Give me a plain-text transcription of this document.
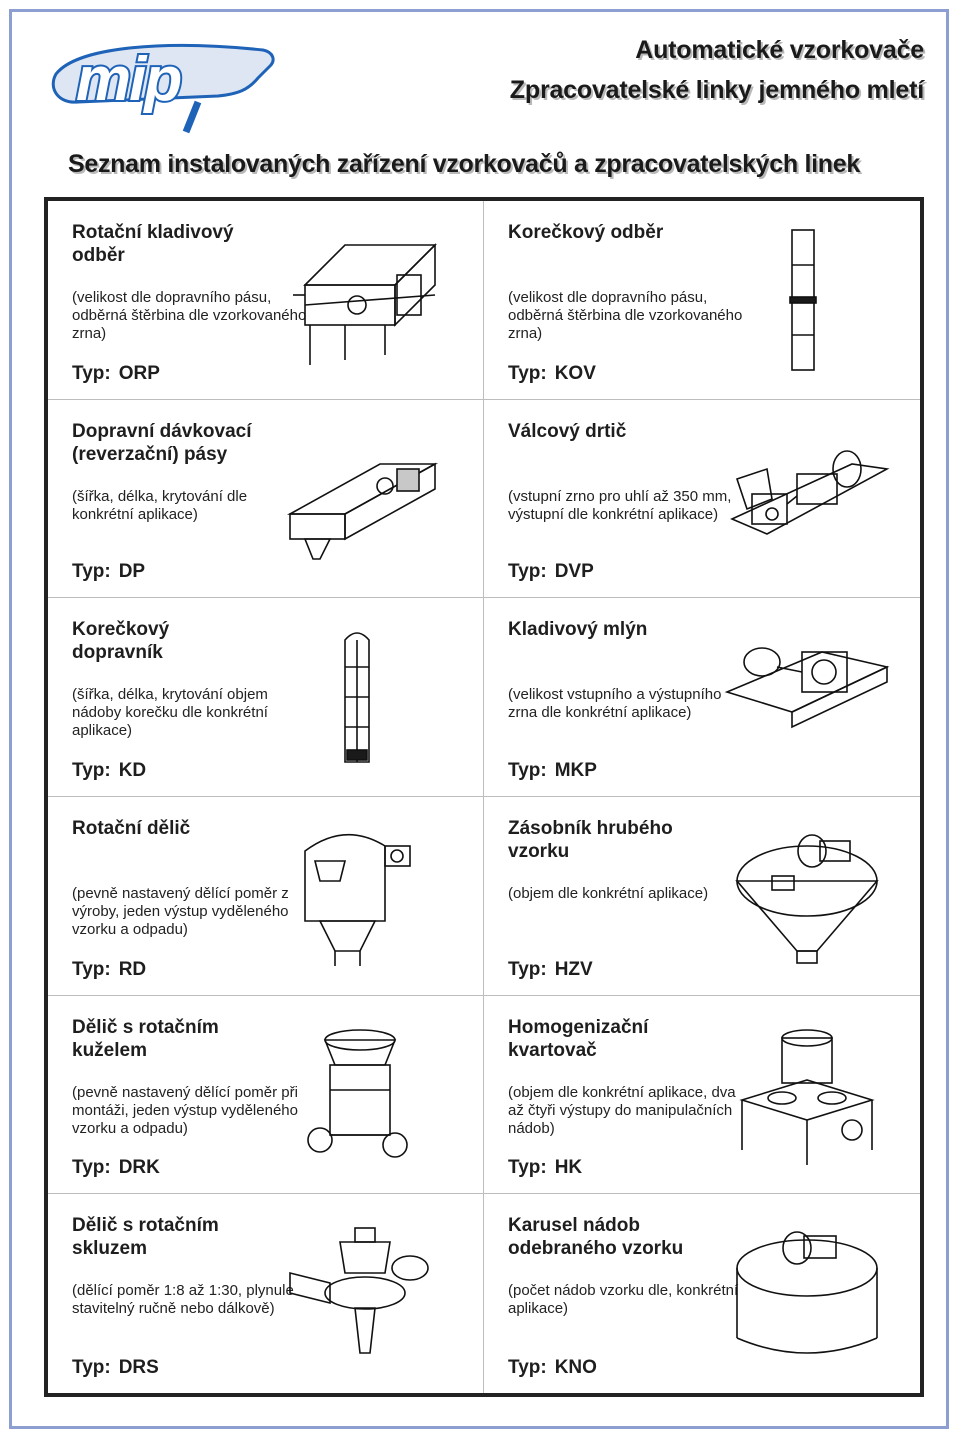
mip	Automatické vzorkovače
Zpracovatelské linky jemného mletí
Seznam instalovaných zařízení vzorkovačů a zpracovatelských linek
Rotační kladivový odběr
(velikost dle dopravního pásu, odběrná štěrbina dle vzorkovaného zrna)
Typ: ORP
Korečkový odběr
(velikost dle dopravního pásu, odběrná štěrbina dle vzorkovaného zrna)
Typ: KOV
Dopravní dávkovací (reverzační) pásy
(šířka, délka, krytování dle konkrétní aplikace)
Typ: DP
Válcový drtič
(vstupní zrno pro uhlí až 350 mm, výstupní dle konkrétní aplikace)
Typ: DVP
Korečkový dopravník
(šířka, délka, krytování objem nádoby korečku dle konkrétní aplikace)
Typ: KD
Kladivový mlýn
(velikost vstupního a výstupního zrna dle konkrétní aplikace)
Typ: MKP
Rotační dělič
(pevně nastavený dělící poměr z výroby, jeden výstup vyděleného vzorku a odpadu)
Typ: RD
Zásobník hrubého vzorku
(objem dle konkrétní aplikace)
Typ: HZV
Dělič s rotačním kuželem
(pevně nastavený dělící poměr při montáži, jeden výstup vyděleného vzorku a odpadu)
Typ: DRK
Homogenizační kvartovač
(objem dle konkrétní aplikace, dva až čtyři výstupy do manipulačních nádob)
Typ: HK
Dělič s rotačním skluzem
(dělící poměr 1:8 až 1:30, plynule stavitelný ručně nebo dálkově)
Typ: DRS
Karusel nádob odebraného vzorku
(počet nádob vzorku dle, konkrétní aplikace)
Typ: KNO
